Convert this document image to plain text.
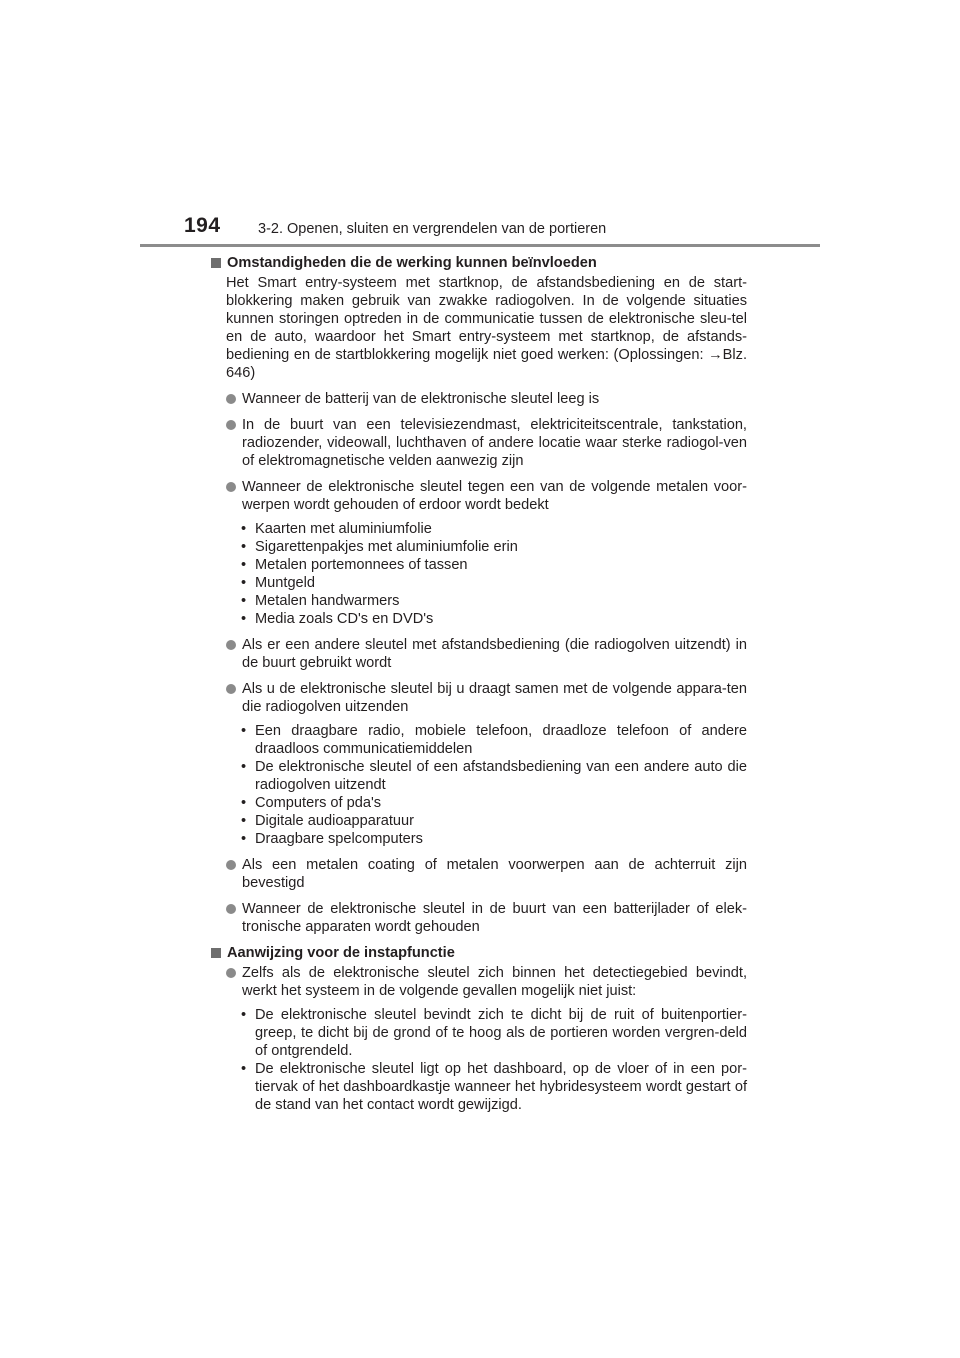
194	3-2. Openen, sluiten en vergrendelen van de portieren
Omstandigheden die de werking kunnen beïnvloeden
Het Smart entry-systeem met startknop, de afstandsbediening en de start-blokkering maken gebruik van zwakke radiogolven. In de volgende situaties kunnen storingen optreden in de communicatie tussen de elektronische sleu-tel en de auto, waardoor het Smart entry-systeem met startknop, de afstands-bediening en de startblokkering mogelijk niet goed werken: (Oplossingen: →Blz. 646)
Wanneer de batterij van de elektronische sleutel leeg is
In de buurt van een televisiezendmast, elektriciteitscentrale, tankstation, radiozender, videowall, luchthaven of andere locatie waar sterke radiogol-ven of elektromagnetische velden aanwezig zijn
Wanneer de elektronische sleutel tegen een van de volgende metalen voor-werpen wordt gehouden of erdoor wordt bedekt
• Kaarten met aluminiumfolie
• Sigarettenpakjes met aluminiumfolie erin
• Metalen portemonnees of tassen
• Muntgeld
• Metalen handwarmers
• Media zoals CD's en DVD's
Als er een andere sleutel met afstandsbediening (die radiogolven uitzendt) in de buurt gebruikt wordt
Als u de elektronische sleutel bij u draagt samen met de volgende appara-ten die radiogolven uitzenden
• Een draagbare radio, mobiele telefoon, draadloze telefoon of andere draadloos communicatiemiddelen
• De elektronische sleutel of een afstandsbediening van een andere auto die radiogolven uitzendt
• Computers of pda's
• Digitale audioapparatuur
• Draagbare spelcomputers
Als een metalen coating of metalen voorwerpen aan de achterruit zijn bevestigd
Wanneer de elektronische sleutel in de buurt van een batterijlader of elek-tronische apparaten wordt gehouden
Aanwijzing voor de instapfunctie
Zelfs als de elektronische sleutel zich binnen het detectiegebied bevindt, werkt het systeem in de volgende gevallen mogelijk niet juist:
• De elektronische sleutel bevindt zich te dicht bij de ruit of buitenportier-greep, te dicht bij de grond of te hoog als de portieren worden vergren-deld of ontgrendeld.
• De elektronische sleutel ligt op het dashboard, op de vloer of in een por-tiervak of het dashboardkastje wanneer het hybridesysteem wordt gestart of de stand van het contact wordt gewijzigd.
